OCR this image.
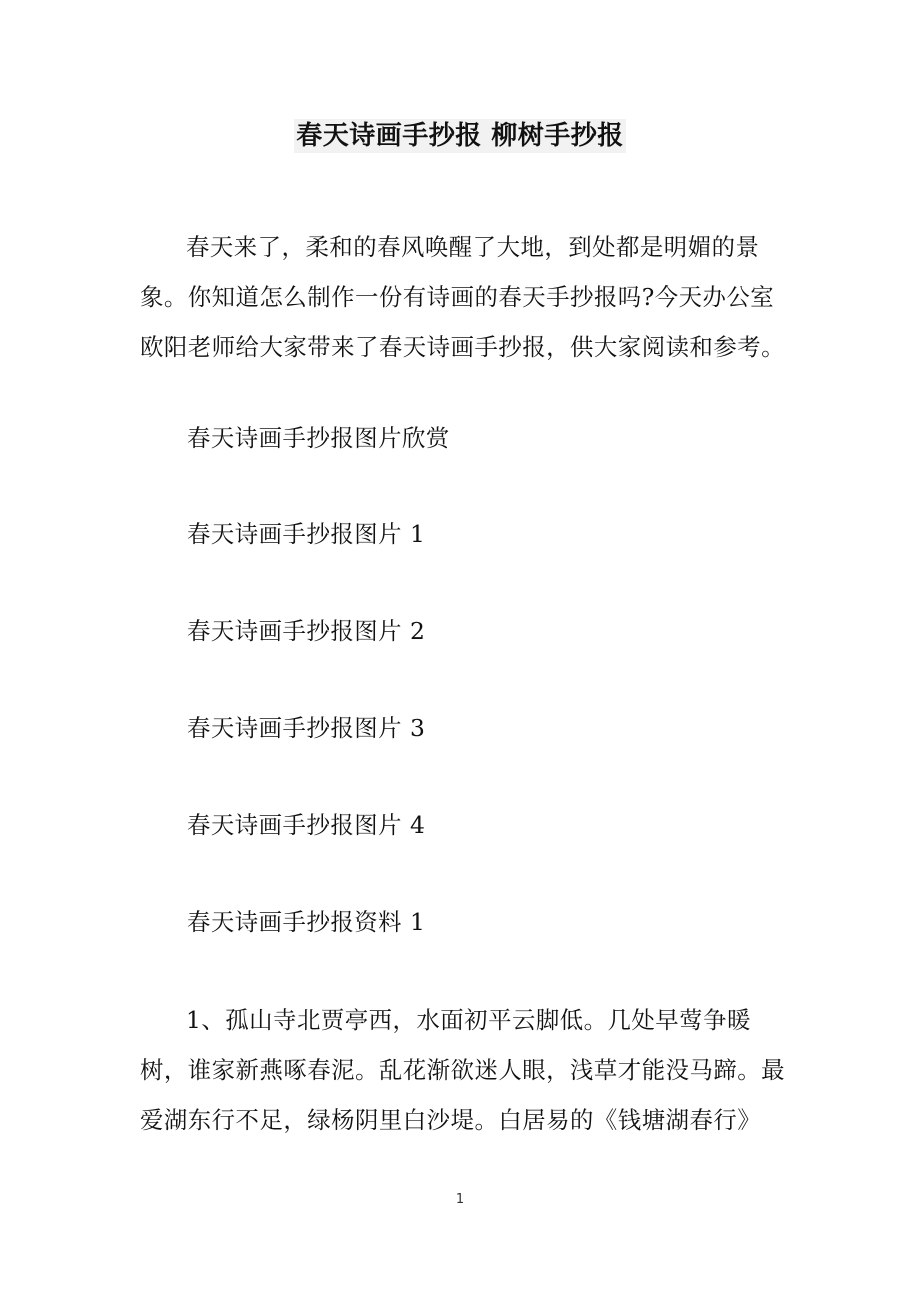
春天诗画手抄报 柳树手抄报

春天来了，柔和的春风唤醒了大地，到处都是明媚的景象。你知道怎么制作一份有诗画的春天手抄报吗?今天办公室欧阳老师给大家带来了春天诗画手抄报，供大家阅读和参考。

春天诗画手抄报图片欣赏
春天诗画手抄报图片 1
春天诗画手抄报图片 2
春天诗画手抄报图片 3
春天诗画手抄报图片 4
春天诗画手抄报资料 1

1、孤山寺北贾亭西，水面初平云脚低。几处早莺争暖树，谁家新燕啄春泥。乱花渐欲迷人眼，浅草才能没马蹄。最爱湖东行不足，绿杨阴里白沙堤。白居易的《钱塘湖春行》

1
